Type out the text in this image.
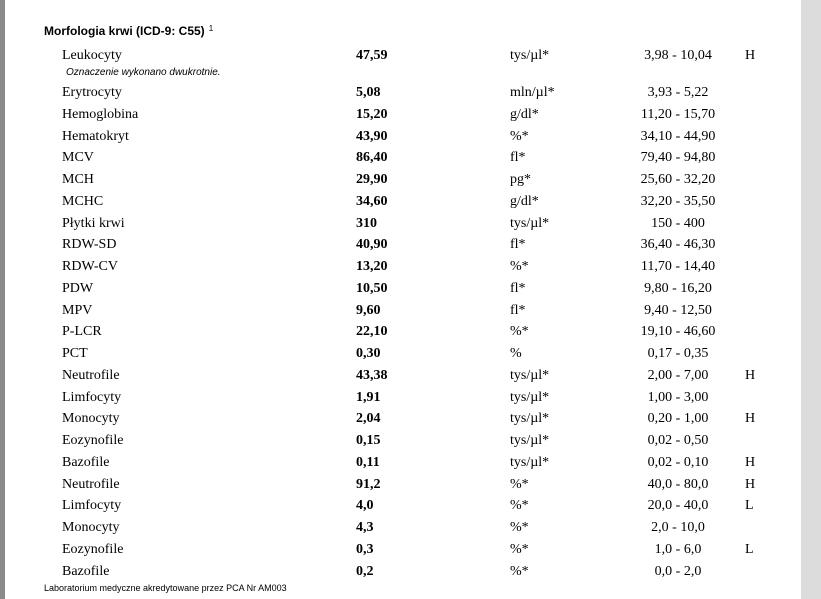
Morfologia krwi (ICD-9: C55) $^1$
Leukocyty	47,59	tys/µl*	3,98 - 10,04	H
Erytrocyty	5,08	mln/µl*	3,93 - 5,22
Hemoglobina	15,20	g/dl*	11,20 - 15,70
Hematokryt	43,90	%*	34,10 - 44,90
MCV	86,40	fl*	79,40 - 94,80
MCH	29,90	pg*	25,60 - 32,20
MCHC	34,60	g/dl*	32,20 - 35,50
Płytki krwi	310	tys/µl*	150 - 400
RDW-SD	40,90	fl*	36,40 - 46,30
RDW-CV	13,20	%*	11,70 - 14,40
PDW	10,50	fl*	9,80 - 16,20
MPV	9,60	fl*	9,40 - 12,50
P-LCR	22,10	%*	19,10 - 46,60
PCT	0,30	%	0,17 - 0,35
Neutrofile	43,38	tys/µl*	2,00 - 7,00	H
Limfocyty	1,91	tys/µl*	1,00 - 3,00
Monocyty	2,04	tys/µl*	0,20 - 1,00	H
Eozynofile	0,15	tys/µl*	0,02 - 0,50
Bazofile	0,11	tys/µl*	0,02 - 0,10	H
Neutrofile	91,2	%*	40,0 - 80,0	H
Limfocyty	4,0	%*	20,0 - 40,0	L
Monocyty	4,3	%*	2,0 - 10,0
Eozynofile	0,3	%*	1,0 - 6,0	L
Bazofile	0,2	%*	0,0 - 2,0
Oznaczenie wykonano dwukrotnie.
Laboratorium medyczne akredytowane przez PCA Nr AM003
